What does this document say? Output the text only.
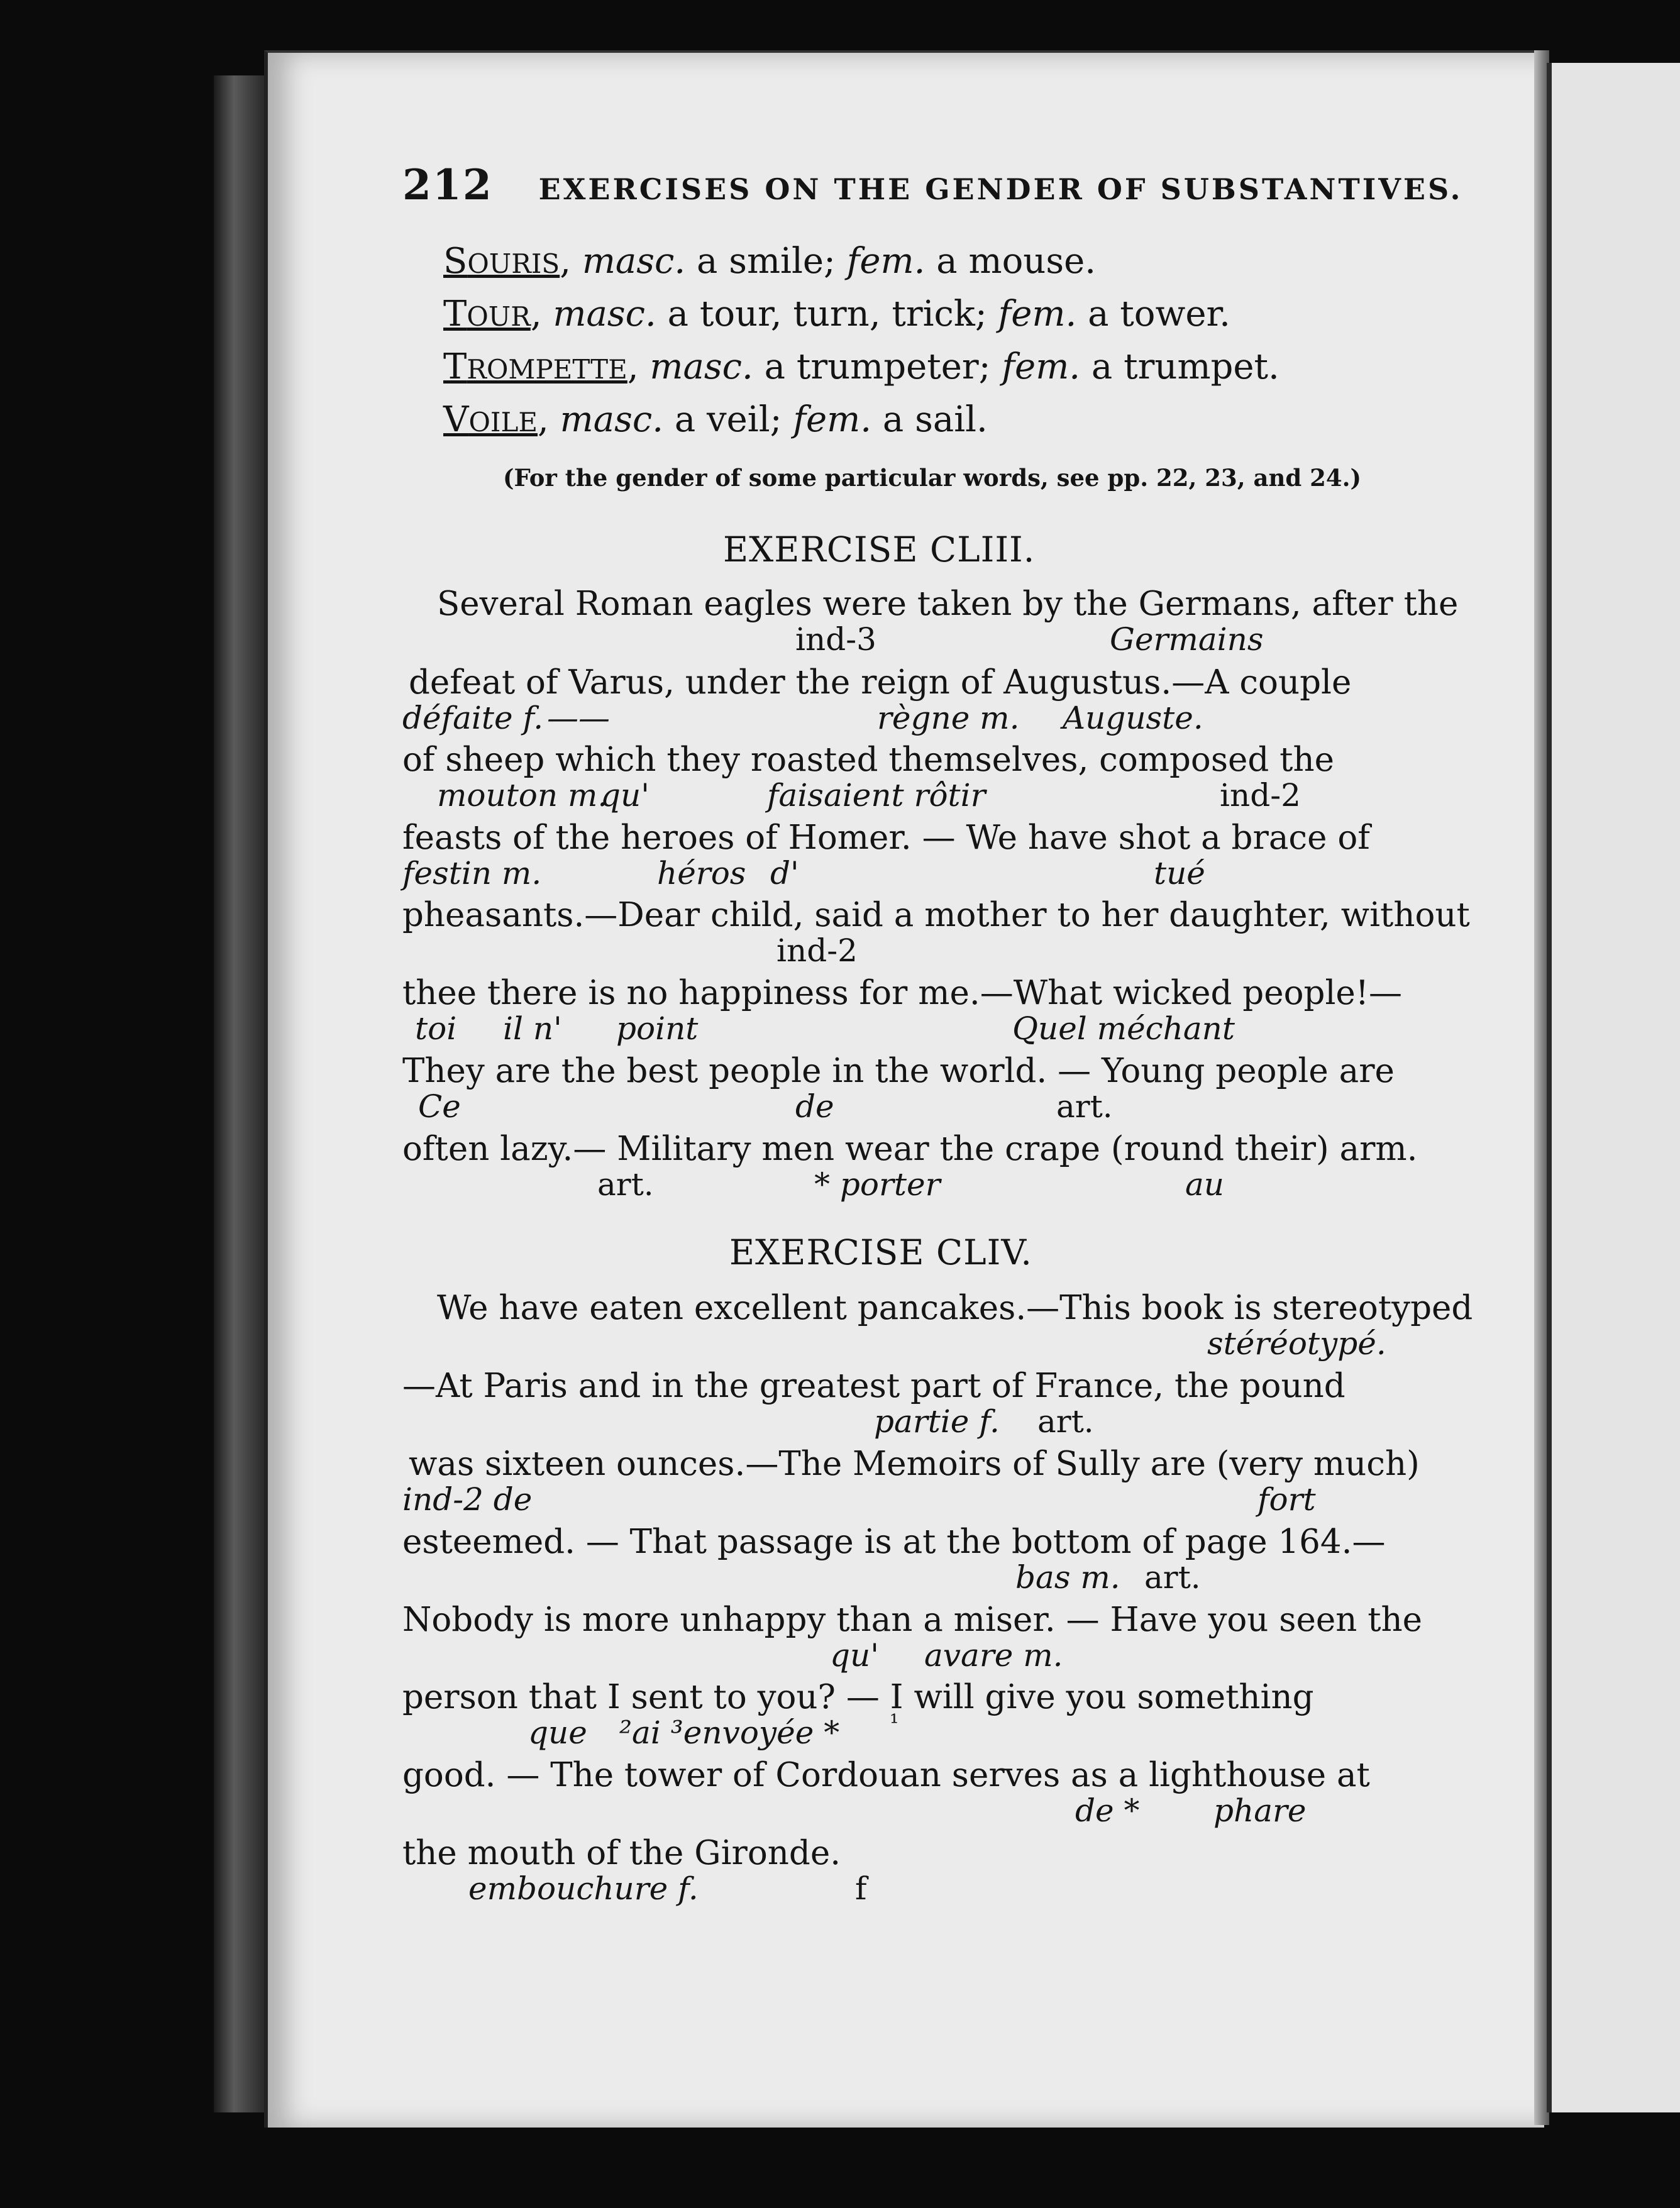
212 EXERCISES ON THE GENDER OF SUBSTANTIVES.
SOURIS, masc. a smile; fem. a mouse.
TOUR, masc. a tour, turn, trick; fem. a tower.
TROMPETTE, masc. a trumpeter; fem. a trumpet.
VOILE, masc. a veil; fem. a sail.
(For the gender of some particular words, see pp. 22, 23, and 24.)
EXERCISE CLIII.
Several Roman eagles were taken by the Germans, after the
ind-3	Germains
defeat of Varus, under the reign of Augustus.—A couple
défaite f. ——	règne m. Auguste.
of sheep which they roasted themselves, composed the
mouton m.
qu'	faisaient rôtir	ind-2
feasts of the heroes of Homer. — We have shot a brace of
festin m.	héros d'	tué
pheasants.—Dear child, said a mother to her daughter, without
ind-2
thee there is no happiness for me.—What wicked people!—
toi il n' point	Quel méchant
They are the best people in the world. — Young people are
Ce	de	art.
often lazy.— Military men wear the crape (round their) arm.
art.	* porter	au
EXERCISE CLIV.
We have eaten excellent pancakes.—This book is stereotyped
stéréotypé.
—At Paris and in the greatest part of France, the pound
partie f. art.
was sixteen ounces.—The Memoirs of Sully are (very much)
ind-2 de	fort
esteemed. — That passage is at the bottom of page 164.—
bas m. art.
Nobody is more unhappy than a miser. — Have you seen the
qu' avare m.
person that I sent to you? — I will give you something
que ²ai ³envoyée * ¹
good. — The tower of Cordouan serves as a lighthouse at
de * phare
the mouth of the Gironde.
embouchure f.	f
